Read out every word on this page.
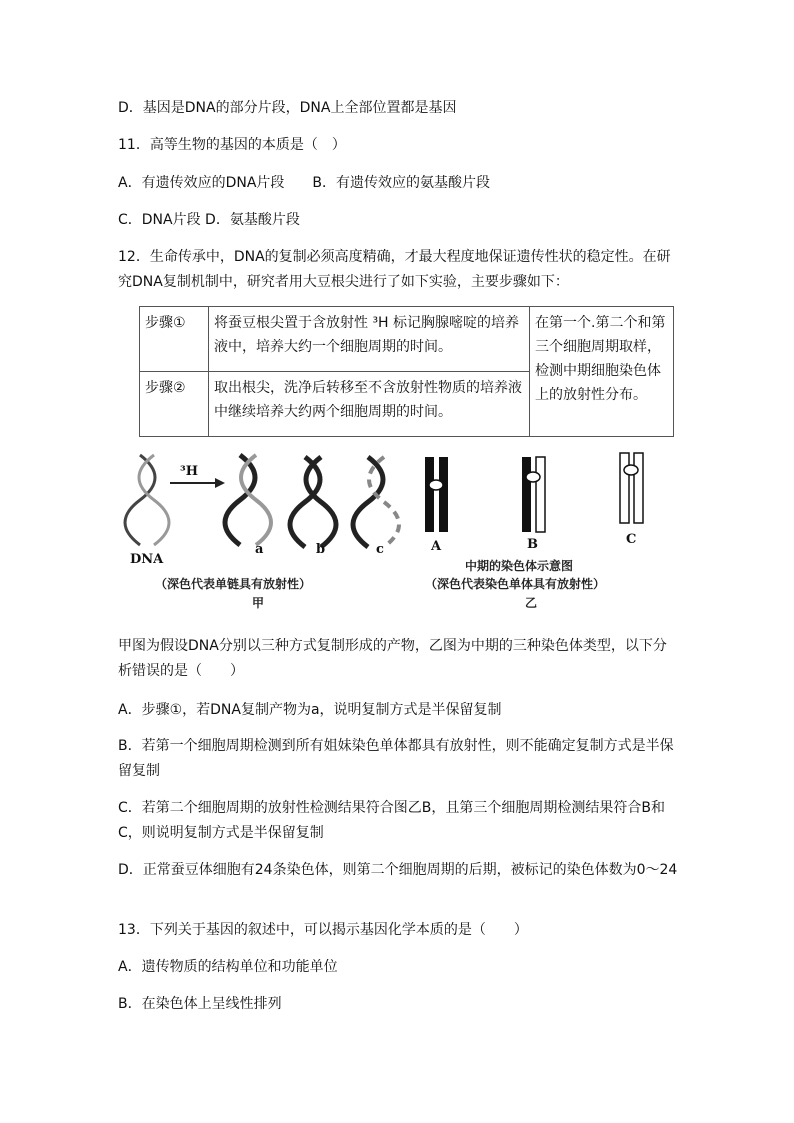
D．基因是DNA的部分片段，DNA上全部位置都是基因
11．高等生物的基因的本质是（　）
A．有遗传效应的DNA片段　　B．有遗传效应的氨基酸片段
C．DNA片段 D．氨基酸片段
12．生命传承中，DNA的复制必须高度精确，才最大程度地保证遗传性状的稳定性。在研究DNA复制机制中，研究者用大豆根尖进行了如下实验，主要步骤如下：
步骤①	将蚕豆根尖置于含放射性 ³H 标记胸腺嘧啶的培养液中，培养大约一个细胞周期的时间。	在第一个.第二个和第三个细胞周期取样，检测中期细胞染色体上的放射性分布。
步骤②	取出根尖，洗净后转移至不含放射性物质的培养液中继续培养大约两个细胞周期的时间。	
DNA
³H
a	b	c	A	B	C
中期的染色体示意图
（深色代表单链具有放射性）	（深色代表染色单体具有放射性）
甲	乙
甲图为假设DNA分别以三种方式复制形成的产物，乙图为中期的三种染色体类型，以下分析错误的是（　　）
A．步骤①，若DNA复制产物为a，说明复制方式是半保留复制
B．若第一个细胞周期检测到所有姐妹染色单体都具有放射性，则不能确定复制方式是半保留复制
C．若第二个细胞周期的放射性检测结果符合图乙B，且第三个细胞周期检测结果符合B和C，则说明复制方式是半保留复制
D．正常蚕豆体细胞有24条染色体，则第二个细胞周期的后期，被标记的染色体数为0～24
13．下列关于基因的叙述中，可以揭示基因化学本质的是（　　）
A．遗传物质的结构单位和功能单位
B．在染色体上呈线性排列
